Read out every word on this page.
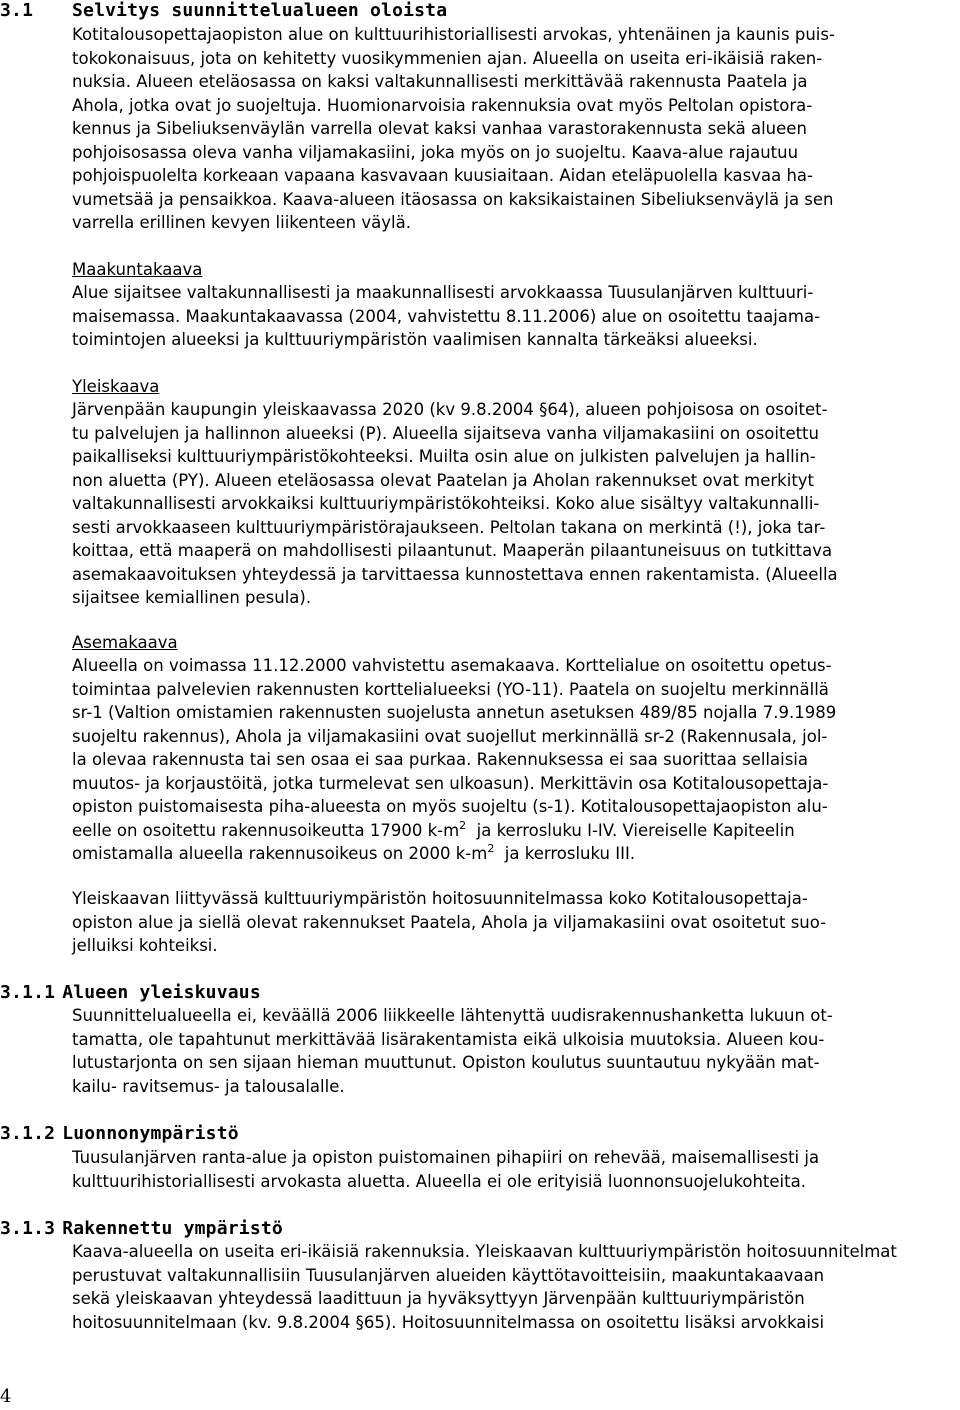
3.1 Selvitys suunnittelualueen oloista
Kotitalousopettajaopiston alue on kulttuurihistoriallisesti arvokas, yhtenäinen ja kaunis puis-
tokokonaisuus, jota on kehitetty vuosikymmenien ajan. Alueella on useita eri-ikäisiä raken-
nuksia. Alueen eteläosassa on kaksi valtakunnallisesti merkittävää rakennusta Paatela ja
Ahola, jotka ovat jo suojeltuja. Huomionarvoisia rakennuksia ovat myös Peltolan opistora-
kennus ja Sibeliuksenväylän varrella olevat kaksi vanhaa varastorakennusta sekä alueen
pohjoisosassa oleva vanha viljamakasiini, joka myös on jo suojeltu. Kaava-alue rajautuu
pohjoispuolelta korkeaan vapaana kasvavaan kuusiaitaan. Aidan eteläpuolella kasvaa ha-
vumetsää ja pensaikkoa. Kaava-alueen itäosassa on kaksikaistainen Sibeliuksenväylä ja sen
varrella erillinen kevyen liikenteen väylä.
Maakuntakaava
Alue sijaitsee valtakunnallisesti ja maakunnallisesti arvokkaassa Tuusulanjärven kulttuuri-
maisemassa. Maakuntakaavassa (2004, vahvistettu 8.11.2006) alue on osoitettu taajama-
toimintojen alueeksi ja kulttuuriympäristön vaalimisen kannalta tärkeäksi alueeksi.
Yleiskaava
Järvenpään kaupungin yleiskaavassa 2020 (kv 9.8.2004 §64), alueen pohjoisosa on osoitet-
tu palvelujen ja hallinnon alueeksi (P). Alueella sijaitseva vanha viljamakasiini on osoitettu
paikalliseksi kulttuuriympäristökohteeksi. Muilta osin alue on julkisten palvelujen ja hallin-
non aluetta (PY). Alueen eteläosassa olevat Paatelan ja Aholan rakennukset ovat merkityt
valtakunnallisesti arvokkaiksi kulttuuriympäristökohteiksi. Koko alue sisältyy valtakunnalli-
sesti arvokkaaseen kulttuuriympäristörajaukseen. Peltolan takana on merkintä (!), joka tar-
koittaa, että maaperä on mahdollisesti pilaantunut. Maaperän pilaantuneisuus on tutkittava
asemakaavoituksen yhteydessä ja tarvittaessa kunnostettava ennen rakentamista. (Alueella
sijaitsee kemiallinen pesula).
Asemakaava
Alueella on voimassa 11.12.2000 vahvistettu asemakaava. Korttelialue on osoitettu opetus-
toimintaa palvelevien rakennusten korttelialueeksi (YO-11). Paatela on suojeltu merkinnällä
sr-1 (Valtion omistamien rakennusten suojelusta annetun asetuksen 489/85 nojalla 7.9.1989
suojeltu rakennus), Ahola ja viljamakasiini ovat suojellut merkinnällä sr-2 (Rakennusala, jol-
la olevaa rakennusta tai sen osaa ei saa purkaa. Rakennuksessa ei saa suorittaa sellaisia
muutos- ja korjaustöitä, jotka turmelevat sen ulkoasun). Merkittävin osa Kotitalousopettaja-
opiston puistomaisesta piha-alueesta on myös suojeltu (s-1). Kotitalousopettajaopiston alu-
eelle on osoitettu rakennusoikeutta 17900 $k-m^2$  ja kerrosluku I-IV. Viereiselle Kapiteelin
omistamalla alueella rakennusoikeus on 2000 $k-m^2$  ja kerrosluku III.
Yleiskaavan liittyvässä kulttuuriympäristön hoitosuunnitelmassa koko Kotitalousopettaja-
opiston alue ja siellä olevat rakennukset Paatela, Ahola ja viljamakasiini ovat osoitetut suo-
jelluiksi kohteiksi.
3.1.1 Alueen yleiskuvaus
Suunnittelualueella ei, keväällä 2006 liikkeelle lähtenyttä uudisrakennushanketta lukuun ot-
tamatta, ole tapahtunut merkittävää lisärakentamista eikä ulkoisia muutoksia. Alueen kou-
lutustarjonta on sen sijaan hieman muuttunut. Opiston koulutus suuntautuu nykyään mat-
kailu- ravitsemus- ja talousalalle.
3.1.2 Luonnonympäristö
Tuusulanjärven ranta-alue ja opiston puistomainen pihapiiri on rehevää, maisemallisesti ja
kulttuurihistoriallisesti arvokasta aluetta. Alueella ei ole erityisiä luonnonsuojelukohteita.
3.1.3 Rakennettu ympäristö
Kaava-alueella on useita eri-ikäisiä rakennuksia. Yleiskaavan kulttuuriympäristön hoitosuunnitelmat
perustuvat valtakunnallisiin Tuusulanjärven alueiden käyttötavoitteisiin, maakuntakaavaan
sekä yleiskaavan yhteydessä laadittuun ja hyväksyttyyn Järvenpään kulttuuriympäristön
hoitosuunnitelmaan (kv. 9.8.2004 §65). Hoitosuunnitelmassa on osoitettu lisäksi arvokkaisi
4
